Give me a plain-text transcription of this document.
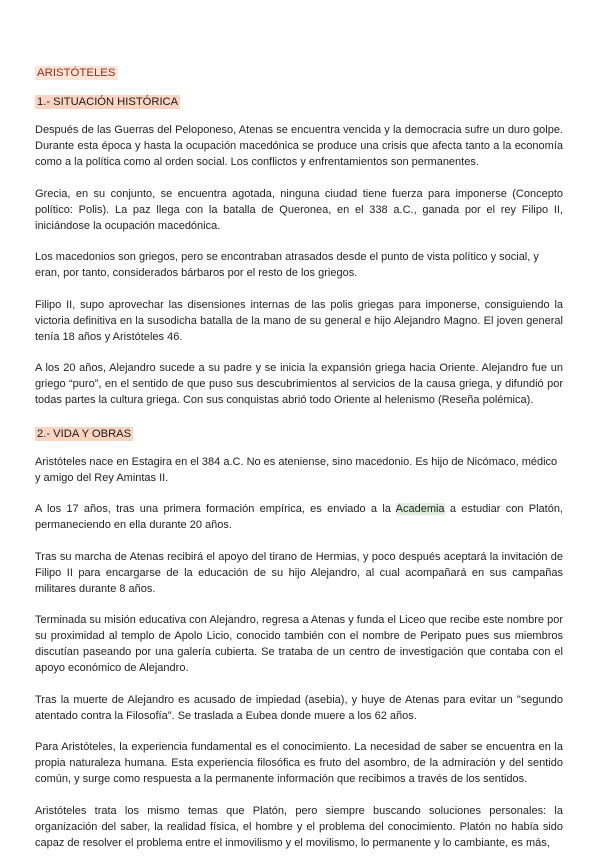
ARISTÓTELES
1.- SITUACIÓN HISTÓRICA

Después de las Guerras del Peloponeso, Atenas se encuentra vencida y la democracia sufre un duro golpe. Durante esta época y hasta la ocupación macedónica se produce una crisis que afecta tanto a la economía como a la política como al orden social. Los conflictos y enfrentamientos son permanentes.

Grecia, en su conjunto, se encuentra agotada, ninguna ciudad tiene fuerza para imponerse (Concepto político: Polis). La paz llega con la batalla de Queronea, en el 338 a.C., ganada por el rey Filipo II, iniciándose la ocupación macedónica.

Los macedonios son griegos, pero se encontraban atrasados desde el punto de vista político y social, y eran, por tanto, considerados bárbaros por el resto de los griegos.

Filipo II, supo aprovechar las disensiones internas de las polis griegas para imponerse, consiguiendo la victoria definitiva en la susodicha batalla de la mano de su general e hijo Alejandro Magno. El joven general tenía 18 años y Aristóteles 46.

A los 20 años, Alejandro sucede a su padre y se inicia la expansión griega hacia Oriente. Alejandro fue un griego “puro”, en el sentido de que puso sus descubrimientos al servicios de la causa griega, y difundió por todas partes la cultura griega. Con sus conquistas abrió todo Oriente al helenismo (Reseña polémica).

2.- VIDA Y OBRAS

Aristóteles nace en Estagira en el 384 a.C. No es ateniense, sino macedonio. Es hijo de Nicómaco, médico y amigo del Rey Amintas II.

A los 17 años, tras una primera formación empírica, es enviado a la Academia a estudiar con Platón, permaneciendo en ella durante 20 años.

Tras su marcha de Atenas recibirá el apoyo del tirano de Hermias, y poco después aceptará la invitación de Filipo II para encargarse de la educación de su hijo Alejandro, al cual acompañará en sus campañas militares durante 8 años.

Terminada su misión educativa con Alejandro, regresa a Atenas y funda el Liceo que recibe este nombre por su proximidad al templo de Apolo Licio, conocido también con el nombre de Peripato pues sus miembros discutían paseando por una galería cubierta. Se trataba de un centro de investigación que contaba con el apoyo económico de Alejandro.

Tras la muerte de Alejandro es acusado de impiedad (asebia), y huye de Atenas para evitar un "segundo atentado contra la Filosofía". Se traslada a Eubea donde muere a los 62 años.

Para Aristóteles, la experiencia fundamental es el conocimiento. La necesidad de saber se encuentra en la propia naturaleza humana. Esta experiencia filosófica es fruto del asombro, de la admiración y del sentido común, y surge como respuesta a la permanente información que recibimos a través de los sentidos.

Aristóteles trata los mismo temas que Platón, pero siempre buscando soluciones personales: la organización del saber, la realidad física, el hombre y el problema del conocimiento. Platón no había sido capaz de resolver el problema entre el inmovilismo y el movilismo, lo permanente y lo cambiante, es más,
